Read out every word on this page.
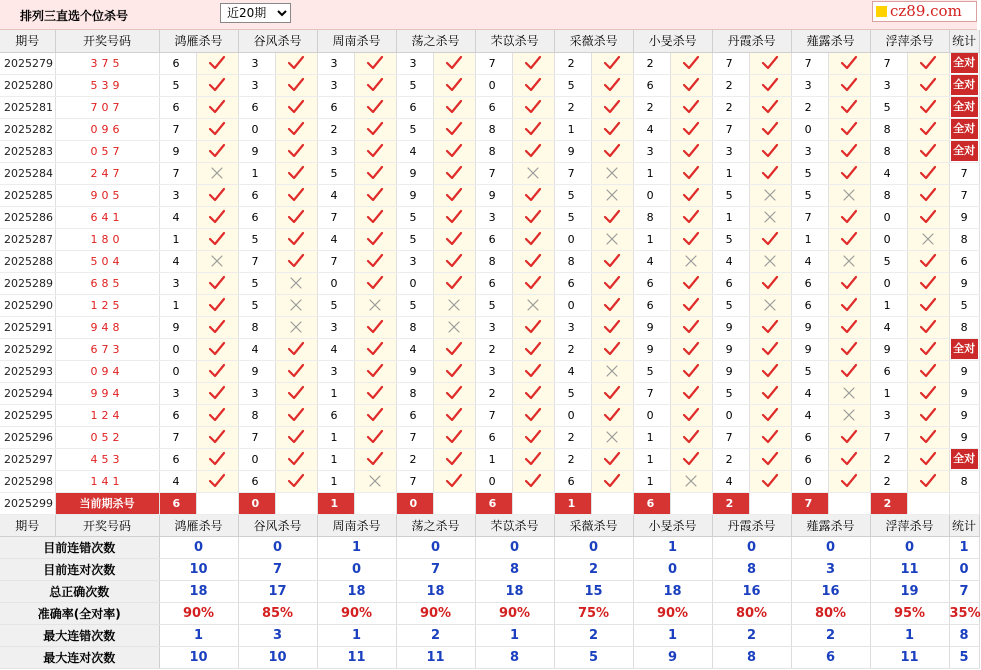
排列三直选个位杀号
近20期	cz89.com
期号	开奖号码	鸿雁杀号		谷风杀号		周南杀号		荡之杀号		芣苡杀号		采薇杀号		小旻杀号		丹霞杀号		薤露杀号		浮萍杀号		统计
2025279	375	6		3		3		3		7		2		2		7		7		7		全对
2025280	539	5		3		3		5		0		5		6		2		3		3		全对
2025281	707	6		6		6		6		6		2		2		2		2		5		全对
2025282	096	7		0		2		5		8		1		4		7		0		8		全对
2025283	057	9		9		3		4		8		9		3		3		3		8		全对
2025284	247	7		1		5		9		7		7		1		1		5		4		7
2025285	905	3		6		4		9		9		5		0		5		5		8		7
2025286	641	4		6		7		5		3		5		8		1		7		0		9
2025287	180	1		5		4		5		6		0		1		5		1		0		8
2025288	504	4		7		7		3		8		8		4		4		4		5		6
2025289	685	3		5		0		0		6		6		6		6		6		0		9
2025290	125	1		5		5		5		5		0		6		5		6		1		5
2025291	948	9		8		3		8		3		3		9		9		9		4		8
2025292	673	0		4		4		4		2		2		9		9		9		9		全对
2025293	094	0		9		3		9		3		4		5		9		5		6		9
2025294	994	3		3		1		8		2		5		7		5		4		1		9
2025295	124	6		8		6		6		7		0		0		0		4		3		9
2025296	052	7		7		1		7		6		2		1		7		6		7		9
2025297	453	6		0		1		2		1		2		1		2		6		2		全对
2025298	141	4		6		1		7		0		6		1		4		0		2		8
2025299	当前期杀号	6		0		1		0		6		1		6		2		7		2		
期号	开奖号码	鸿雁杀号	谷风杀号	周南杀号	荡之杀号	芣苡杀号	采薇杀号	小旻杀号	丹霞杀号	薤露杀号	浮萍杀号	统计
目前连错次数		0	0	1	0	0	0	1	0	0	0	1
目前连对次数		10	7	0	7	8	2	0	8	3	11	0
总正确次数		18	17	18	18	18	15	18	16	16	19	7
准确率(全对率)		90%	85%	90%	90%	90%	75%	90%	80%	80%	95%	35%
最大连错次数		1	3	1	2	1	2	1	2	2	1	8
最大连对次数		10	10	11	11	8	5	9	8	6	11	5
